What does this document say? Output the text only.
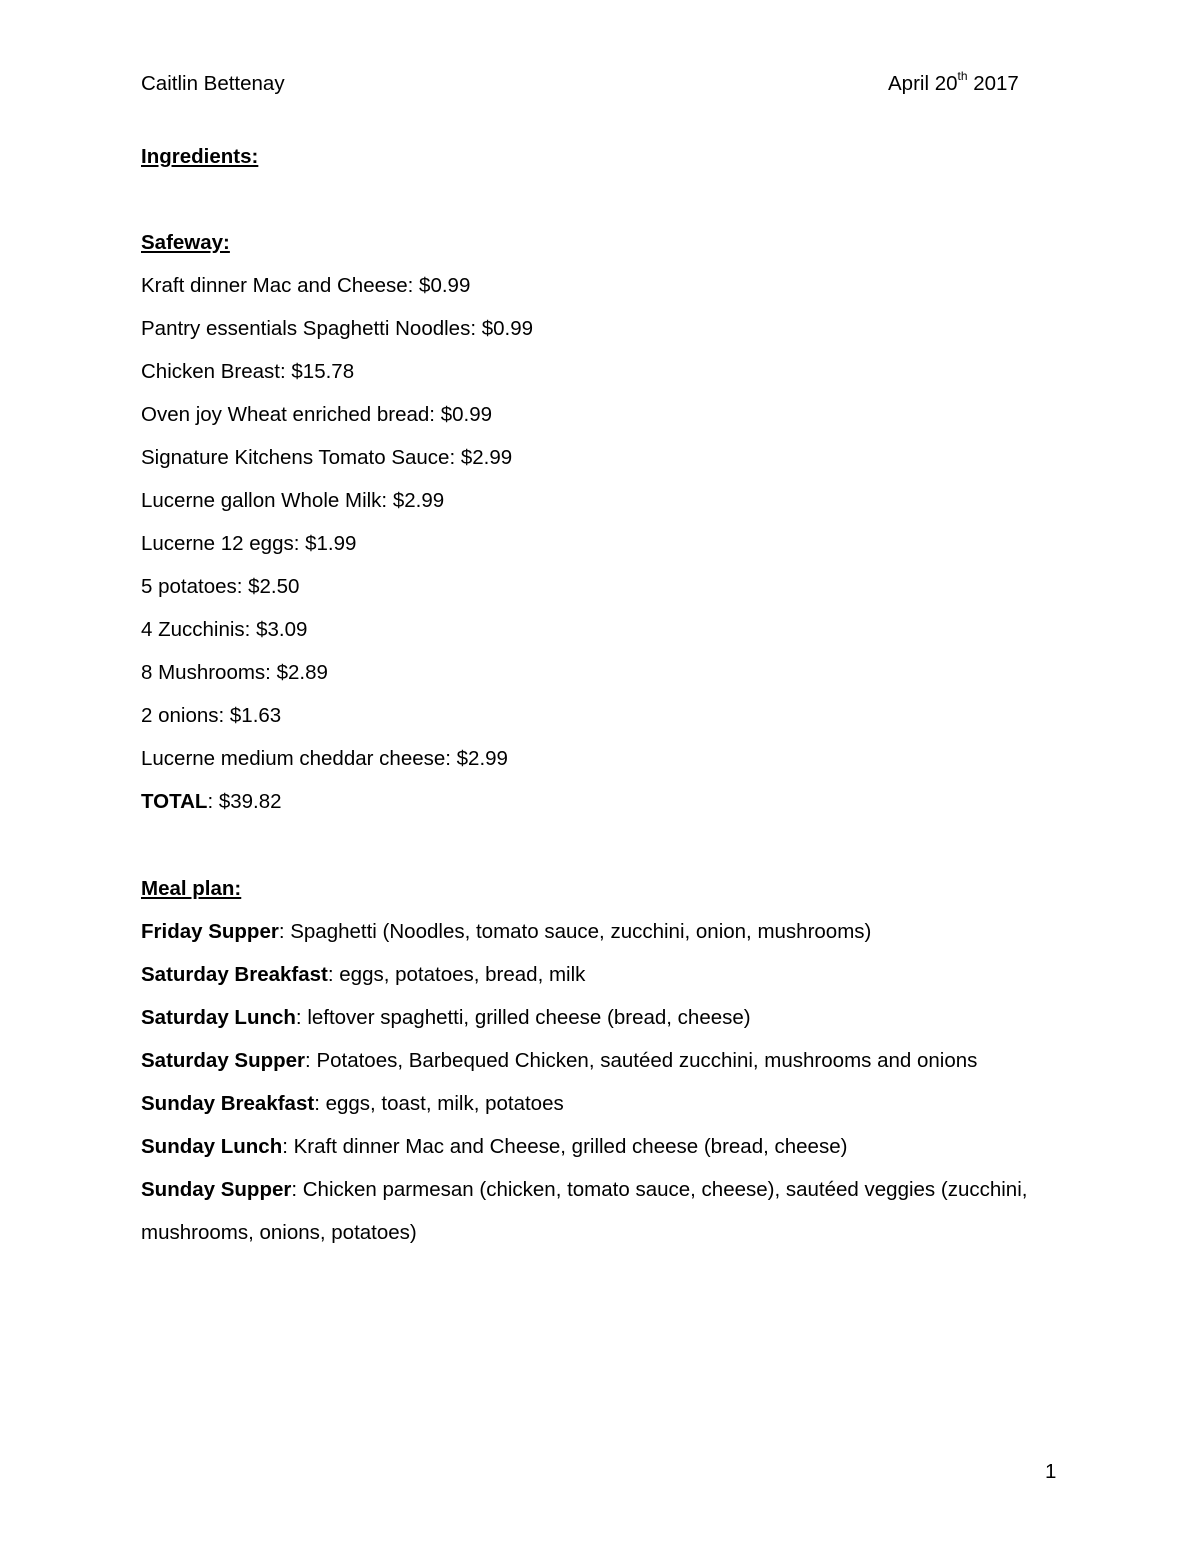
Caitlin Bettenay	April 20th 2017
Ingredients:
Safeway:
Kraft dinner Mac and Cheese: $0.99
Pantry essentials Spaghetti Noodles: $0.99
Chicken Breast: $15.78
Oven joy Wheat enriched bread: $0.99
Signature Kitchens Tomato Sauce: $2.99
Lucerne gallon Whole Milk: $2.99
Lucerne 12 eggs: $1.99
5 potatoes: $2.50
4 Zucchinis: $3.09
8 Mushrooms: $2.89
2 onions: $1.63
Lucerne medium cheddar cheese: $2.99
TOTAL: $39.82
Meal plan:
Friday Supper: Spaghetti (Noodles, tomato sauce, zucchini, onion, mushrooms)
Saturday Breakfast: eggs, potatoes, bread, milk
Saturday Lunch: leftover spaghetti, grilled cheese (bread, cheese)
Saturday Supper: Potatoes, Barbequed Chicken, sautéed zucchini, mushrooms and onions
Sunday Breakfast: eggs, toast, milk, potatoes
Sunday Lunch: Kraft dinner Mac and Cheese, grilled cheese (bread, cheese)
Sunday Supper: Chicken parmesan (chicken, tomato sauce, cheese), sautéed veggies (zucchini,
mushrooms, onions, potatoes)
1
